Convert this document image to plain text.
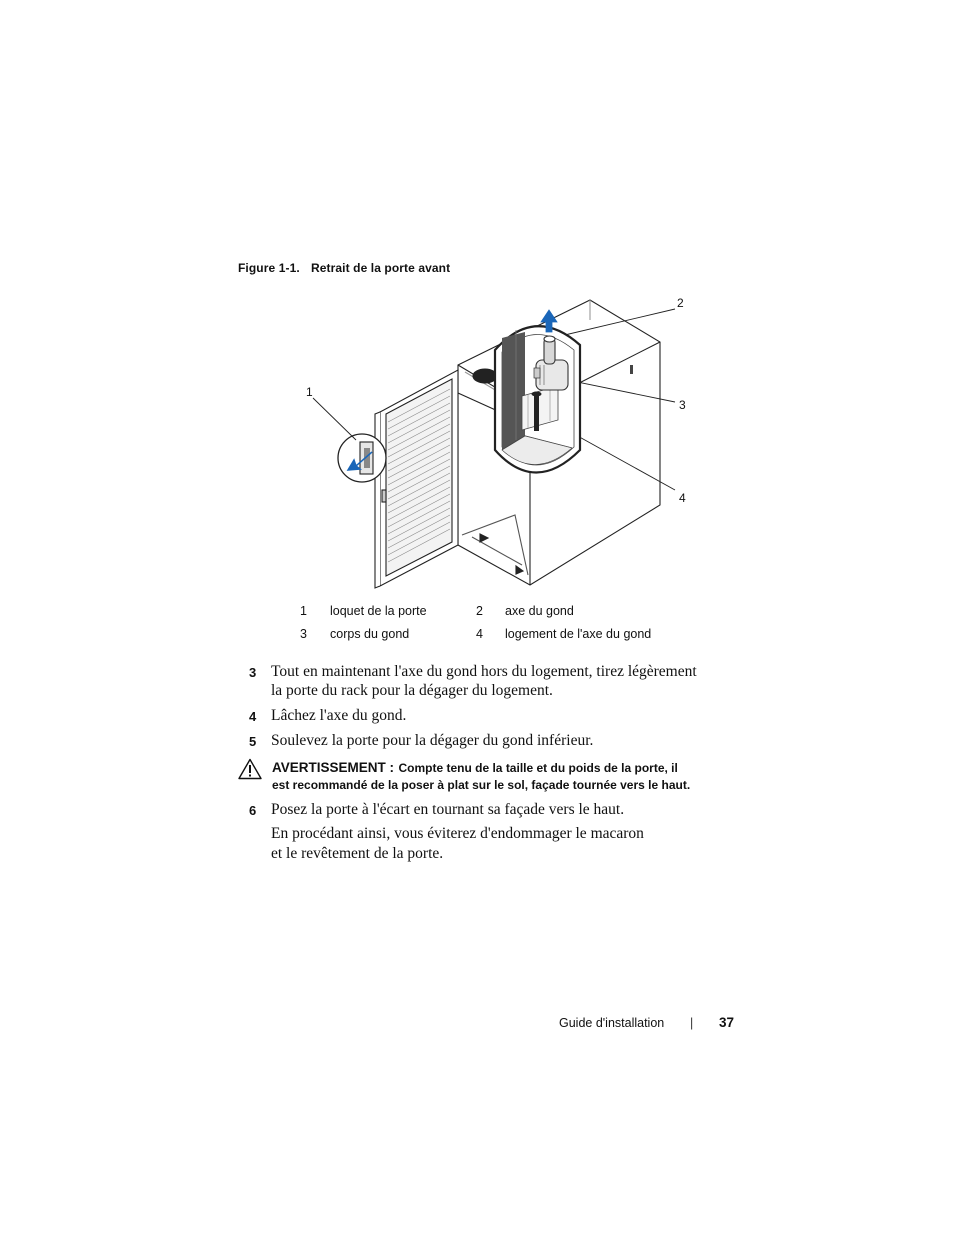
Figure 1-1. Retrait de la porte avant
1
2
3
4
1 loquet de la porte	2 axe du gond
3 corps du gond	4 logement de l'axe du gond
3 Tout en maintenant l'axe du gond hors du logement, tirez légèrement
la porte du rack pour la dégager du logement.
4 Lâchez l'axe du gond.
5 Soulevez la porte pour la dégager du gond inférieur.
AVERTISSEMENT : Compte tenu de la taille et du poids de la porte, il
est recommandé de la poser à plat sur le sol, façade tournée vers le haut.
6 Posez la porte à l'écart en tournant sa façade vers le haut.
En procédant ainsi, vous éviterez d'endommager le macaron
et le revêtement de la porte.
Guide d'installation | 37
